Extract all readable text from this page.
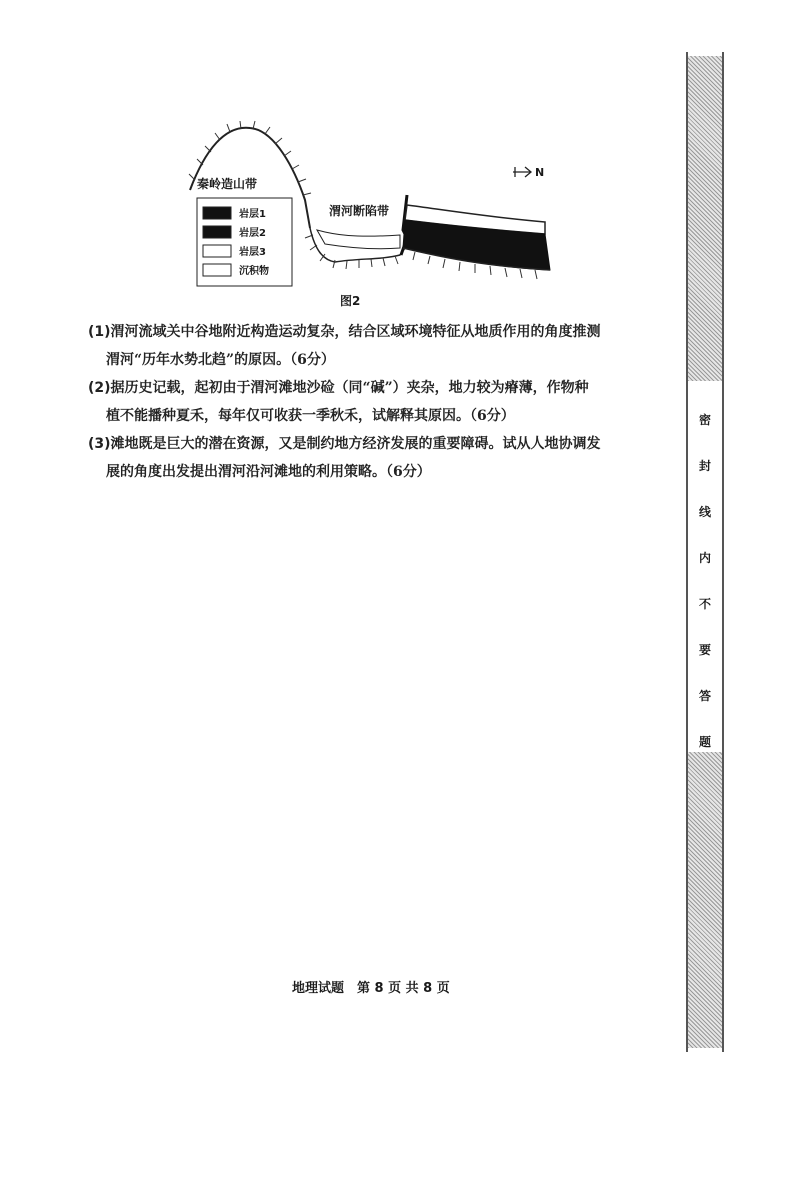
秦岭造山带
渭河断陷带
N
岩层1
岩层2
岩层3
沉积物
图2
(1)渭河流域关中谷地附近构造运动复杂，结合区域环境特征从地质作用的角度推测
渭河“历年水势北趋”的原因。（6分）
(2)据历史记载，起初由于渭河滩地沙硷（同“碱”）夹杂，地力较为瘠薄，作物种
植不能播种夏禾，每年仅可收获一季秋禾，试解释其原因。（6分）
(3)滩地既是巨大的潜在资源，又是制约地方经济发展的重要障碍。试从人地协调发
展的角度出发提出渭河沿河滩地的利用策略。（6分）
地理试题　第 8 页 共 8 页
密
封
线
内
不
要
答
题
